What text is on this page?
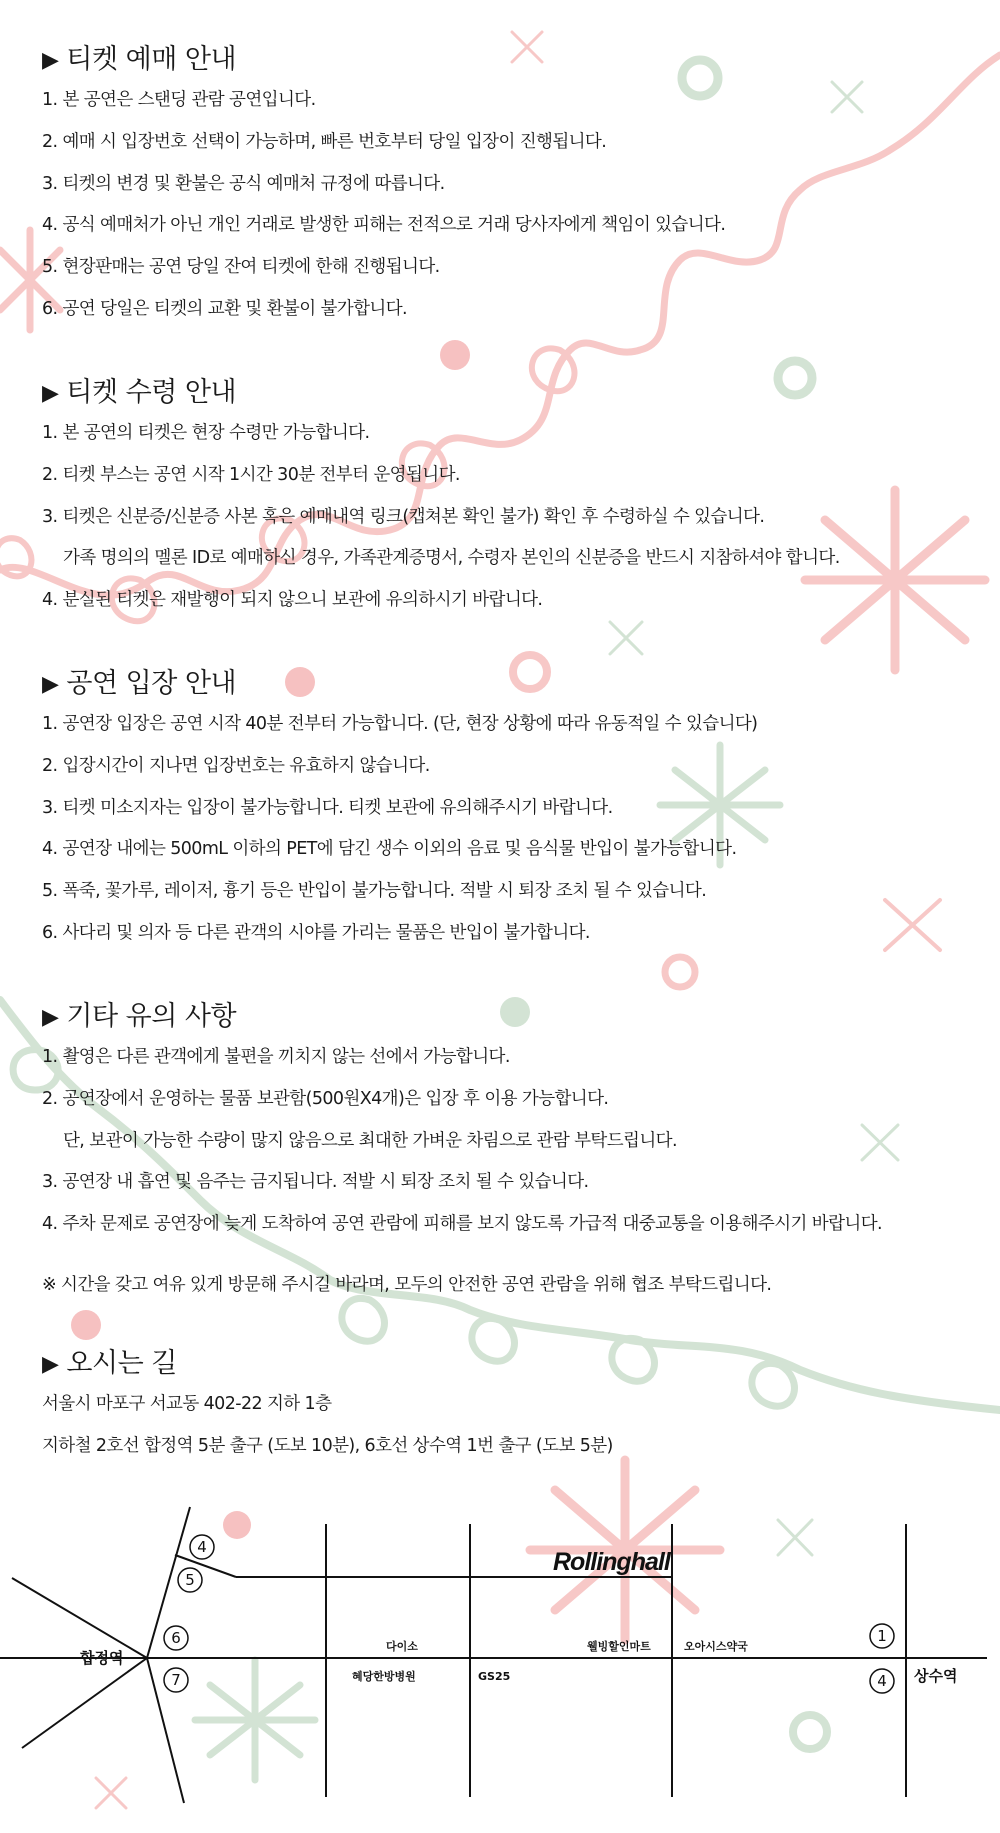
▶ 티켓 예매 안내
1. 본 공연은 스탠딩 관람 공연입니다.
2. 예매 시 입장번호 선택이 가능하며, 빠른 번호부터 당일 입장이 진행됩니다.
3. 티켓의 변경 및 환불은 공식 예매처 규정에 따릅니다.
4. 공식 예매처가 아닌 개인 거래로 발생한 피해는 전적으로 거래 당사자에게 책임이 있습니다.
5. 현장판매는 공연 당일 잔여 티켓에 한해 진행됩니다.
6. 공연 당일은 티켓의 교환 및 환불이 불가합니다.
▶ 티켓 수령 안내
1. 본 공연의 티켓은 현장 수령만 가능합니다.
2. 티켓 부스는 공연 시작 1시간 30분 전부터 운영됩니다.
3. 티켓은 신분증/신분증 사본 혹은 예매내역 링크(캡쳐본 확인 불가) 확인 후 수령하실 수 있습니다.
가족 명의의 멜론 ID로 예매하신 경우, 가족관계증명서, 수령자 본인의 신분증을 반드시 지참하셔야 합니다.
4. 분실된 티켓은 재발행이 되지 않으니 보관에 유의하시기 바랍니다.
▶ 공연 입장 안내
1. 공연장 입장은 공연 시작 40분 전부터 가능합니다. (단, 현장 상황에 따라 유동적일 수 있습니다)
2. 입장시간이 지나면 입장번호는 유효하지 않습니다.
3. 티켓 미소지자는 입장이 불가능합니다. 티켓 보관에 유의해주시기 바랍니다.
4. 공연장 내에는 500mL 이하의 PET에 담긴 생수 이외의 음료 및 음식물 반입이 불가능합니다.
5. 폭죽, 꽃가루, 레이저, 흉기 등은 반입이 불가능합니다. 적발 시 퇴장 조치 될 수 있습니다.
6. 사다리 및 의자 등 다른 관객의 시야를 가리는 물품은 반입이 불가합니다.
▶ 기타 유의 사항
1. 촬영은 다른 관객에게 불편을 끼치지 않는 선에서 가능합니다.
2. 공연장에서 운영하는 물품 보관함(500원X4개)은 입장 후 이용 가능합니다.
단, 보관이 가능한 수량이 많지 않음으로 최대한 가벼운 차림으로 관람 부탁드립니다.
3. 공연장 내 흡연 및 음주는 금지됩니다. 적발 시 퇴장 조치 될 수 있습니다.
4. 주차 문제로 공연장에 늦게 도착하여 공연 관람에 피해를 보지 않도록 가급적 대중교통을 이용해주시기 바랍니다.
※ 시간을 갖고 여유 있게 방문해 주시길 바라며, 모두의 안전한 공연 관람을 위해 협조 부탁드립니다.
▶ 오시는 길
서울시 마포구 서교동 402-22 지하 1층
지하철 2호선 합정역 5분 출구 (도보 10분), 6호선 상수역 1번 출구 (도보 5분)
Rollinghall
합정역
상수역
다이소	웰빙할인마트	오아시스약국
혜당한방병원	GS25
4
5
6
7
1
4
